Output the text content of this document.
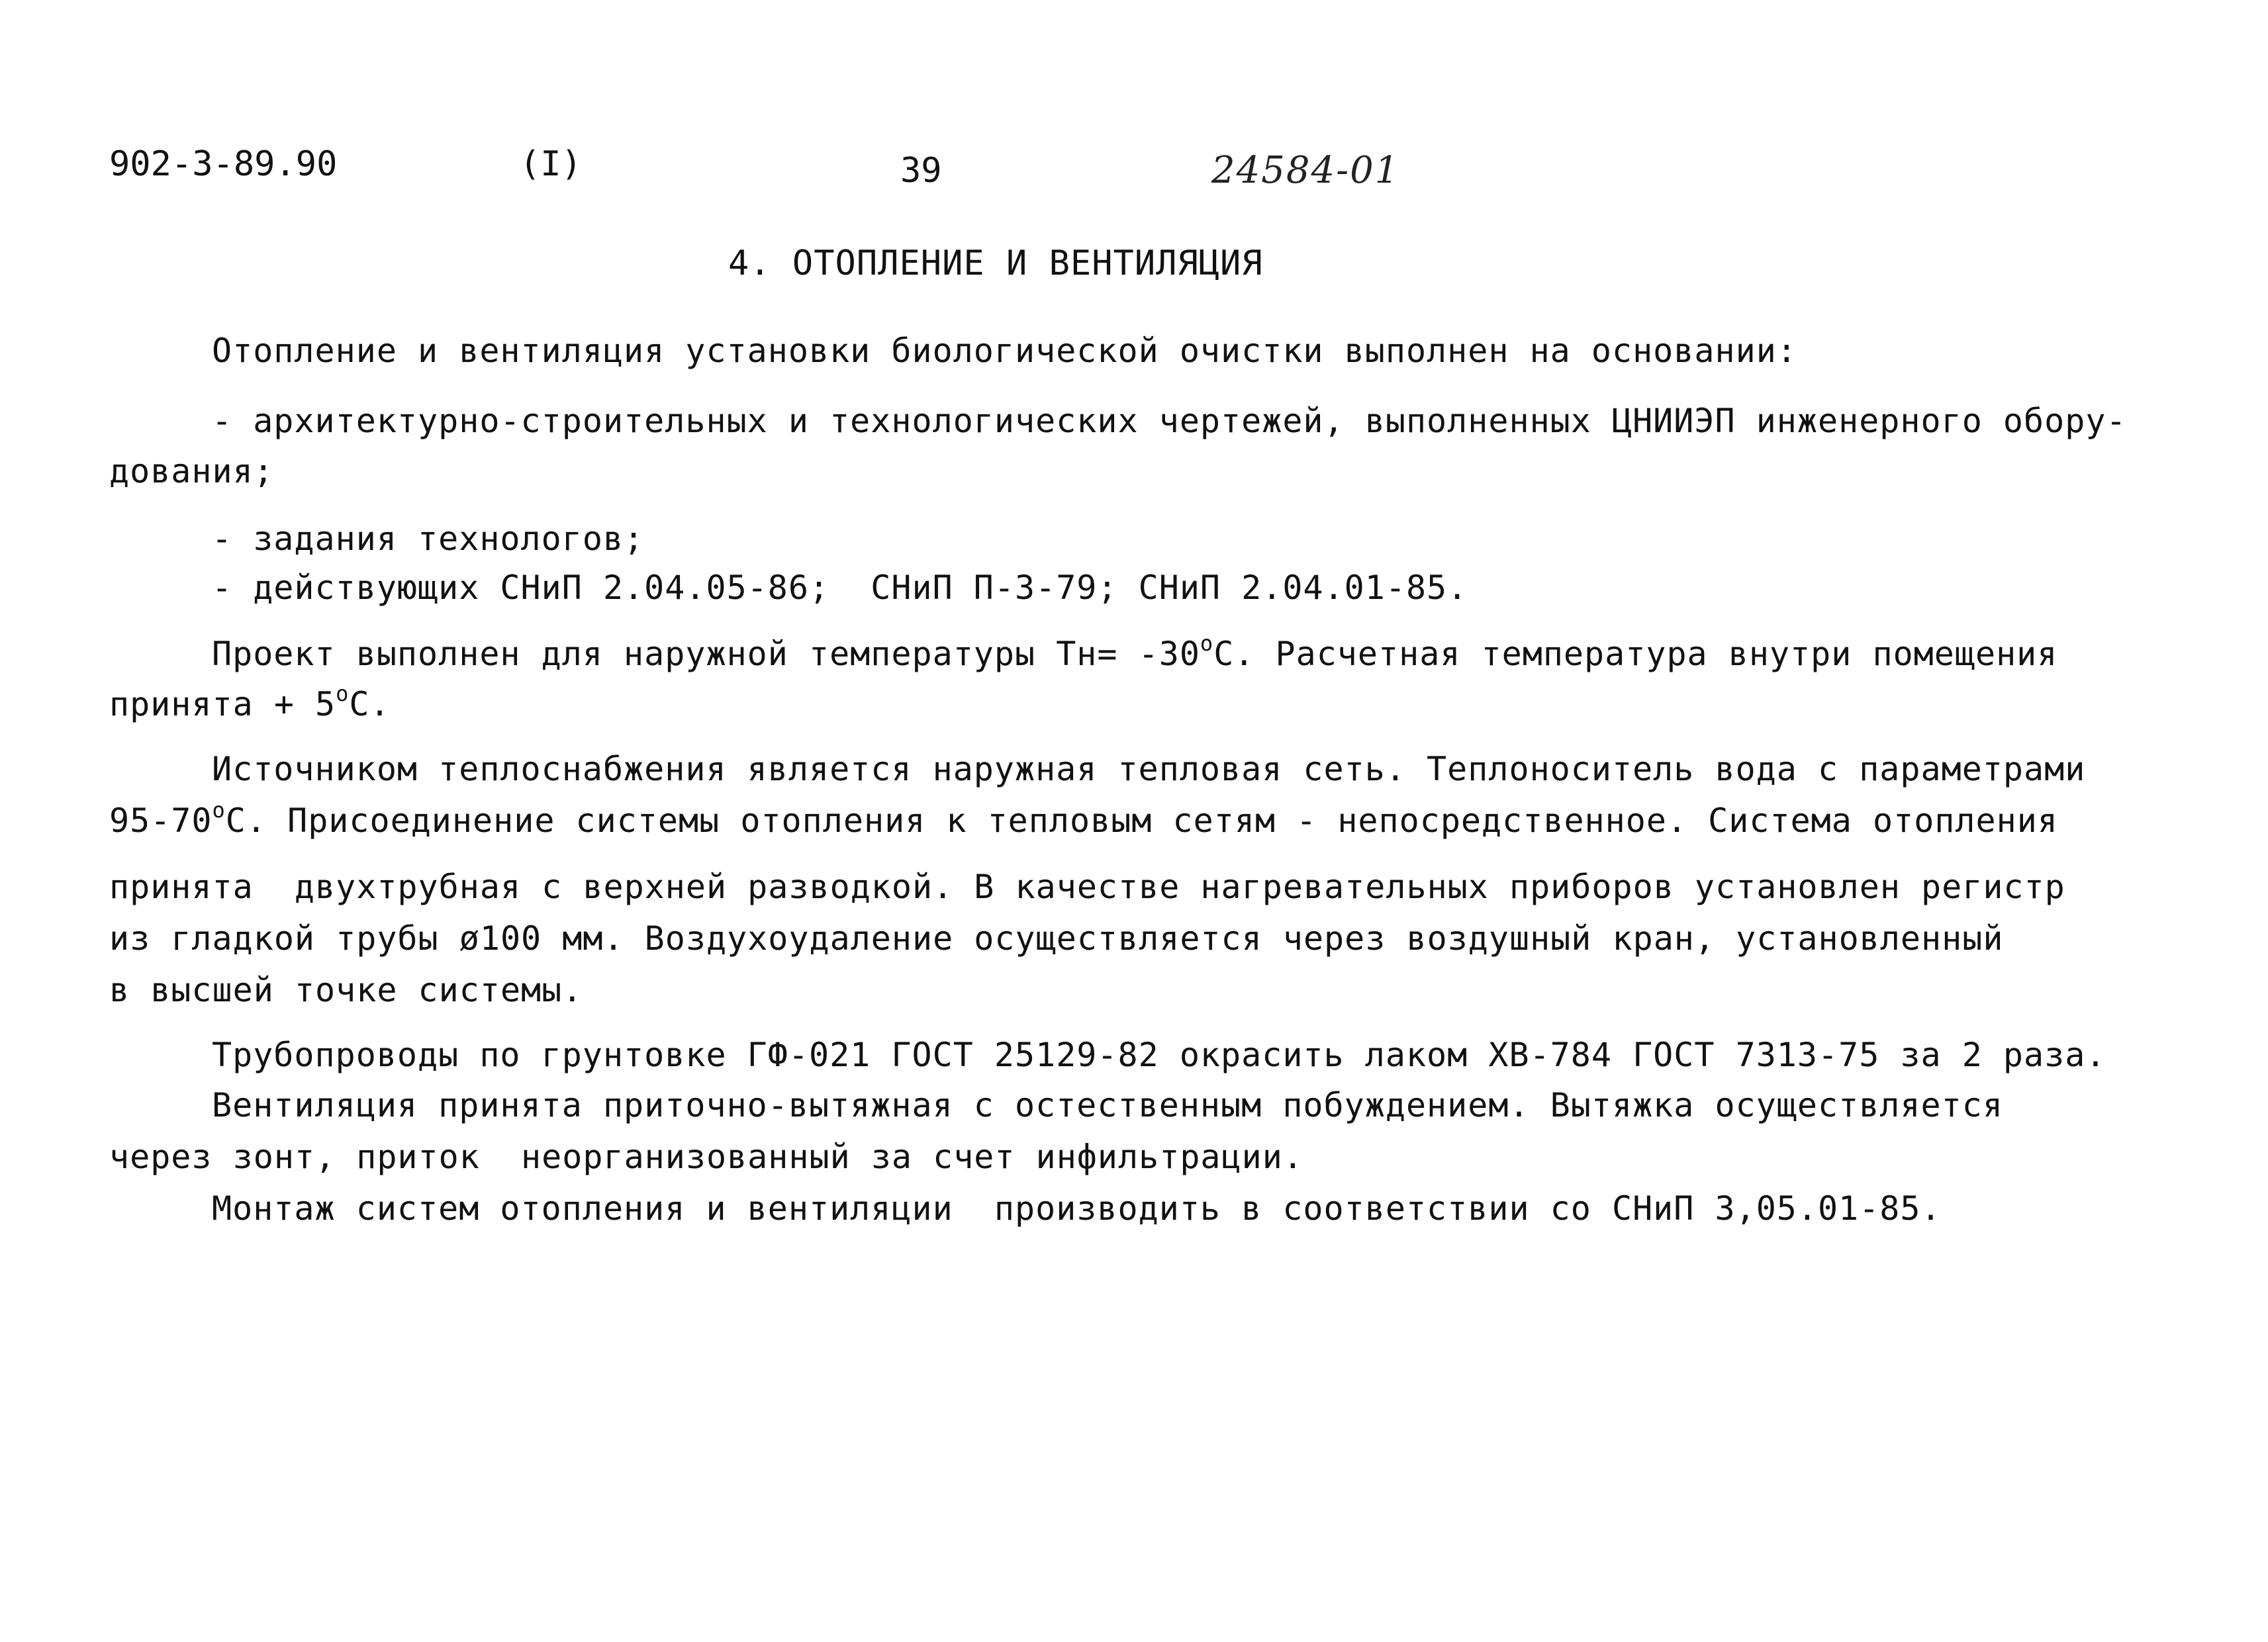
902-3-89.90	(I)	39	24584-01
4. ОТОПЛЕНИЕ И ВЕНТИЛЯЦИЯ
Отопление и вентиляция установки биологической очистки выполнен на основании:
- архитектурно-строительных и технологических чертежей, выполненных ЦНИИЭП инженерного обору-
дования;
- задания технологов;
- действующих СНиП 2.04.05-86;  СНиП П-3-79; СНиП 2.04.01-85.
Проект выполнен для наружной температуры $Тн= -30^оС$. Расчетная температура внутри помещения
принята + $5^оС$.
Источником теплоснабжения является наружная тепловая сеть. Теплоноситель вода с параметрами
$95-70^оС$. Присоединение системы отопления к тепловым сетям - непосредственное. Система отопления
принята  двухтрубная с верхней разводкой. В качестве нагревательных приборов установлен регистр
из гладкой трубы ø100 мм. Воздухоудаление осуществляется через воздушный кран, установленный
в высшей точке системы.
Трубопроводы по грунтовке ГФ-021 ГОСТ 25129-82 окрасить лаком ХВ-784 ГОСТ 7313-75 за 2 раза.
Вентиляция принята приточно-вытяжная с остественным побуждением. Вытяжка осуществляется
через зонт, приток  неорганизованный за счет инфильтрации.
Монтаж систем отопления и вентиляции  производить в соответствии со СНиП 3,05.01-85.
